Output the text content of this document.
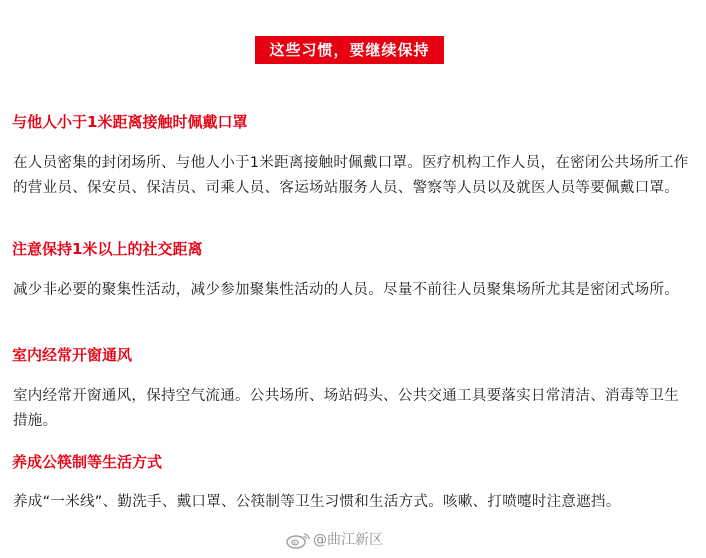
这些习惯，要继续保持
与他人小于1米距离接触时佩戴口罩

在人员密集的封闭场所、与他人小于1米距离接触时佩戴口罩。医疗机构工作人员，在密闭公共场所工作的营业员、保安员、保洁员、司乘人员、客运场站服务人员、警察等人员以及就医人员等要佩戴口罩。

注意保持1米以上的社交距离

减少非必要的聚集性活动，减少参加聚集性活动的人员。尽量不前往人员聚集场所尤其是密闭式场所。

室内经常开窗通风

室内经常开窗通风，保持空气流通。公共场所、场站码头、公共交通工具要落实日常清洁、消毒等卫生措施。

养成公筷制等生活方式

养成“一米线”、勤洗手、戴口罩、公筷制等卫生习惯和生活方式。咳嗽、打喷嚏时注意遮挡。

@曲江新区
